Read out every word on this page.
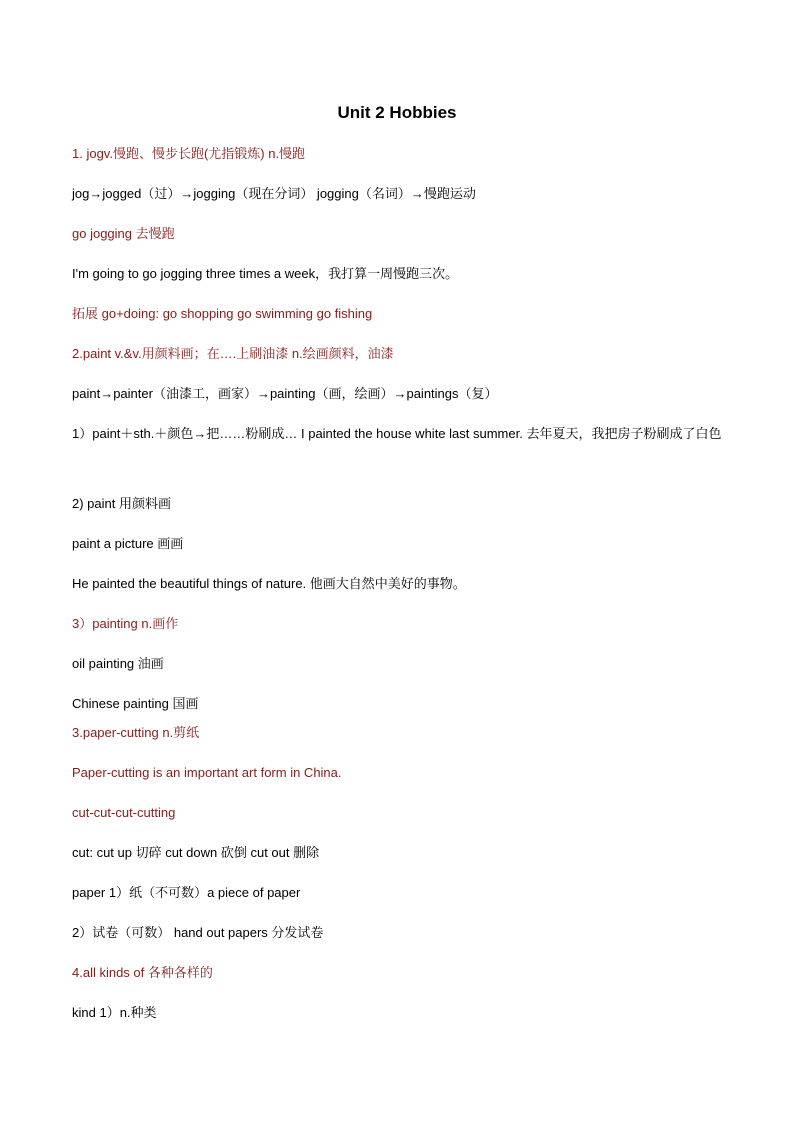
Unit 2 Hobbies
1. jogv.慢跑、慢步长跑(尤指锻炼) n.慢跑
jog→jogged（过）→jogging（现在分词） jogging（名词）→慢跑运动
go jogging 去慢跑
I'm going to go jogging three times a week，我打算一周慢跑三次。
拓展 go+doing: go shopping go swimming go fishing
2.paint v.&v.用颜料画；在….上刷油漆 n.绘画颜料，油漆
paint→painter（油漆工，画家）→painting（画，绘画）→paintings（复）
1）paint＋sth.＋颜色→把……粉刷成… I painted the house white last summer. 去年夏天，我把房子粉刷成了白色
2) paint 用颜料画
paint a picture 画画
He painted the beautiful things of nature. 他画大自然中美好的事物。
3）painting n.画作
oil painting 油画
Chinese painting 国画
3.paper-cutting n.剪纸
Paper-cutting is an important art form in China.
cut-cut-cut-cutting
cut: cut up 切碎 cut down 砍倒 cut out 删除
paper 1）纸（不可数）a piece of paper
2）试卷（可数） hand out papers 分发试卷
4.all kinds of 各种各样的
kind 1）n.种类
